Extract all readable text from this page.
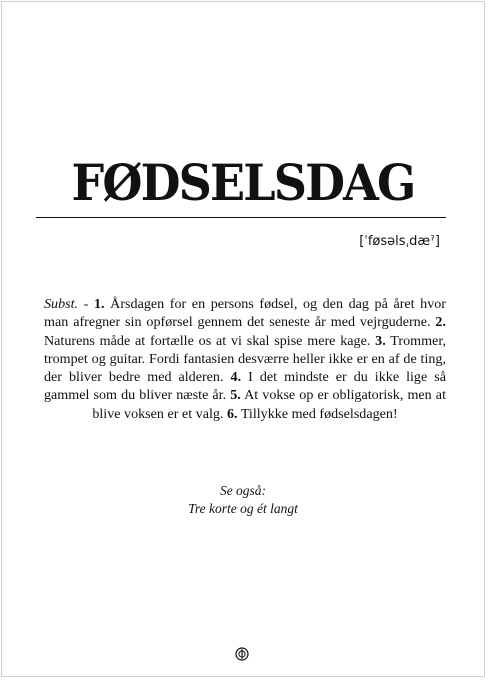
FØDSELSDAG
[ˈføsəlsˌdæˀ]
Subst. - 1. Årsdagen for en persons fødsel, og den dag på året hvor man afregner sin opførsel gennem det seneste år med vejrguderne. 2. Naturens måde at fortælle os at vi skal spise mere kage. 3. Trommer, trompet og guitar. Fordi fantasien desværre heller ikke er en af de ting, der bliver bedre med alderen. 4. I det mindste er du ikke lige så gammel som du bliver næste år. 5. At vokse op er obligatorisk, men at blive voksen er et valg. 6. Tillykke med fødselsdagen!
Se også:
Tre korte og ét langt
